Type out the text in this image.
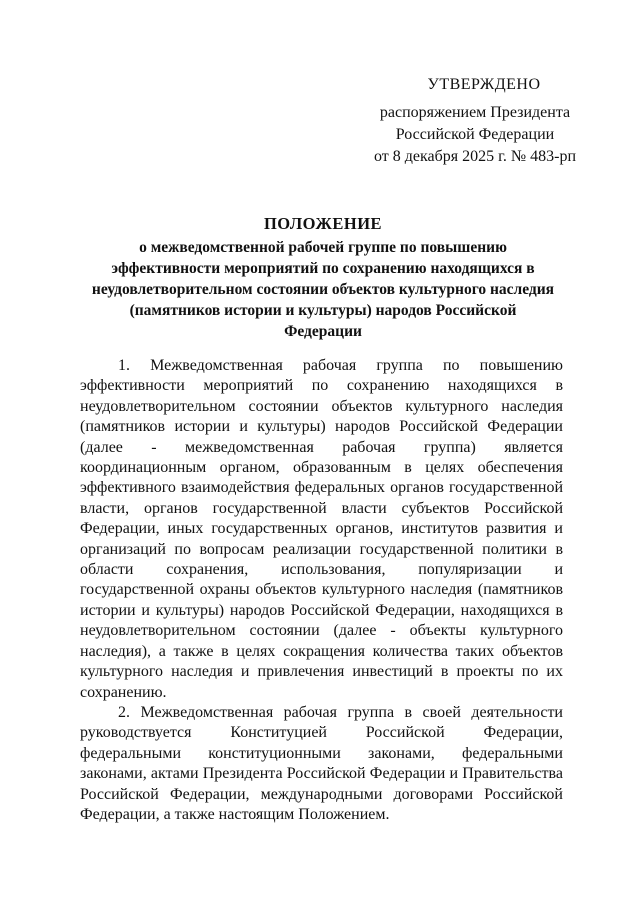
УТВЕРЖДЕНО
распоряжением Президента
Российской Федерации
от 8 декабря 2025 г. № 483-рп
ПОЛОЖЕНИЕ
о межведомственной рабочей группе по повышению
эффективности мероприятий по сохранению находящихся в
неудовлетворительном состоянии объектов культурного наследия
(памятников истории и культуры) народов Российской
Федерации

1. Межведомственная рабочая группа по повышению эффективности мероприятий по сохранению находящихся в неудовлетворительном состоянии объектов культурного наследия (памятников истории и культуры) народов Российской Федерации (далее - межведомственная рабочая группа) является координационным органом, образованным в целях обеспечения эффективного взаимодействия федеральных органов государственной власти, органов государственной власти субъектов Российской Федерации, иных государственных органов, институтов развития и организаций по вопросам реализации государственной политики в области сохранения, использования, популяризации и государственной охраны объектов культурного наследия (памятников истории и культуры) народов Российской Федерации, находящихся в неудовлетворительном состоянии (далее - объекты культурного наследия), а также в целях сокращения количества таких объектов культурного наследия и привлечения инвестиций в проекты по их сохранению.

2. Межведомственная рабочая группа в своей деятельности руководствуется Конституцией Российской Федерации, федеральными конституционными законами, федеральными законами, актами Президента Российской Федерации и Правительства Российской Федерации, международными договорами Российской Федерации, а также настоящим Положением.
